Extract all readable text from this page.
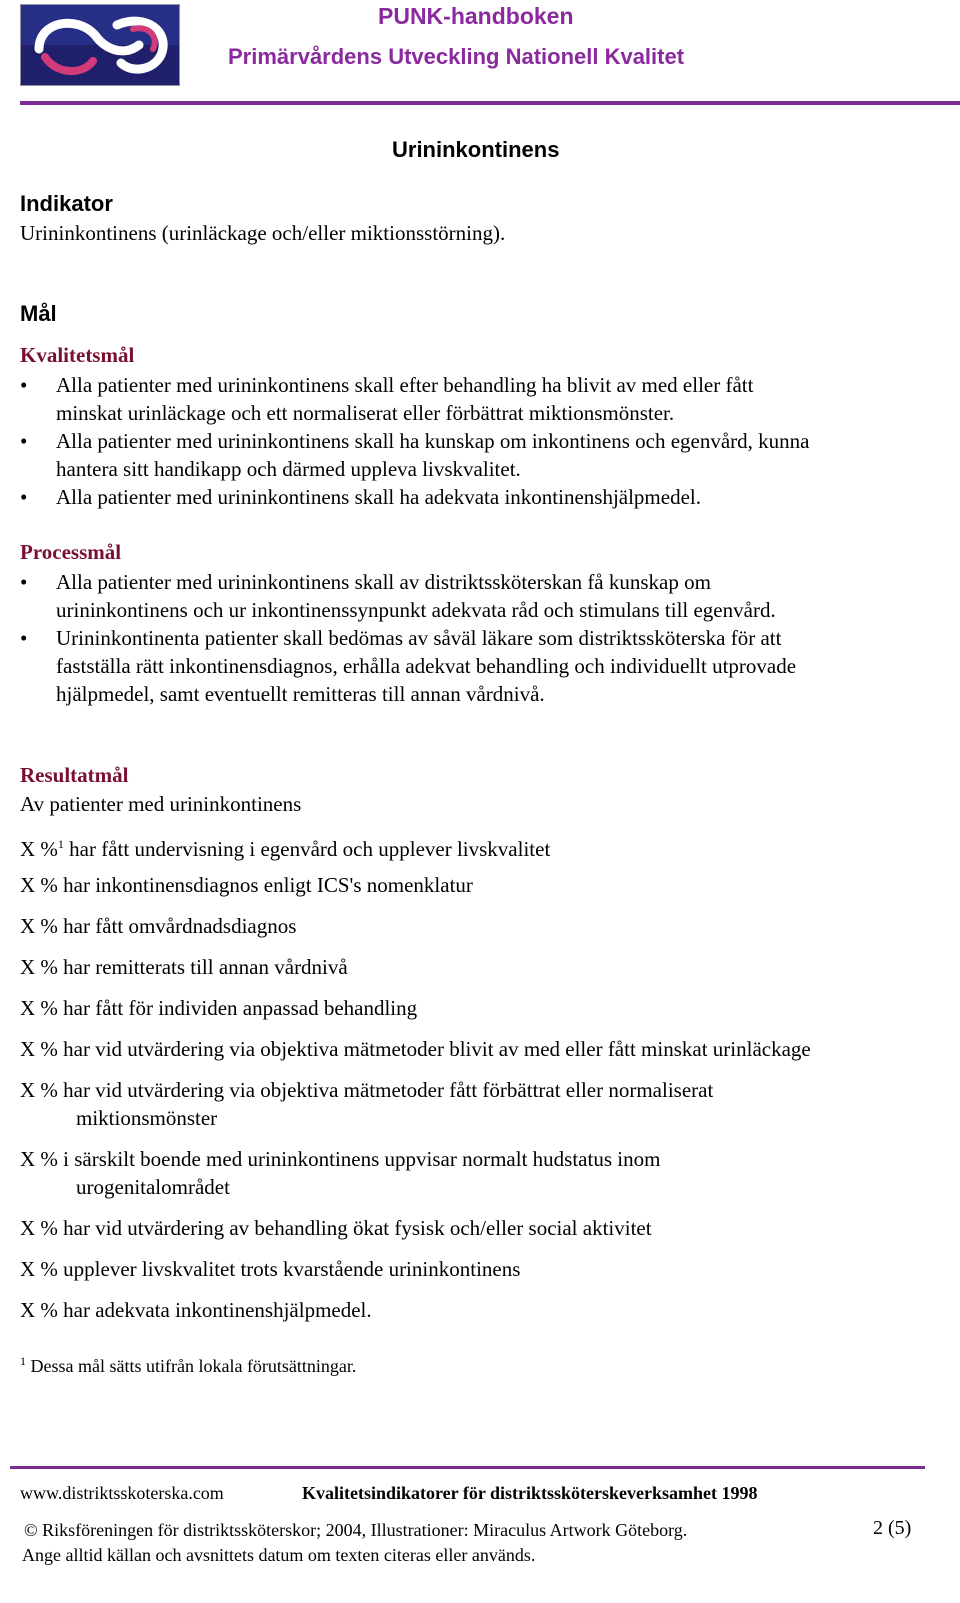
PUNK-handboken
Primärvårdens Utveckling Nationell Kvalitet
Urininkontinens
Indikator
Urininkontinens (urinläckage och/eller miktionsstörning).
Mål
Kvalitetsmål
• Alla patienter med urininkontinens skall efter behandling ha blivit av med eller fått
minskat urinläckage och ett normaliserat eller förbättrat miktionsmönster.
• Alla patienter med urininkontinens skall ha kunskap om inkontinens och egenvård, kunna
hantera sitt handikapp och därmed uppleva livskvalitet.
• Alla patienter med urininkontinens skall ha adekvata inkontinenshjälpmedel.
Processmål
• Alla patienter med urininkontinens skall av distriktssköterskan få kunskap om
urininkontinens och ur inkontinenssynpunkt adekvata råd och stimulans till egenvård.
• Urininkontinenta patienter skall bedömas av såväl läkare som distriktssköterska för att
fastställa rätt inkontinensdiagnos, erhålla adekvat behandling och individuellt utprovade
hjälpmedel, samt eventuellt remitteras till annan vårdnivå.
Resultatmål
Av patienter med urininkontinens
X %$^1$ har fått undervisning i egenvård och upplever livskvalitet
X % har inkontinensdiagnos enligt ICS's nomenklatur
X % har fått omvårdnadsdiagnos
X % har remitterats till annan vårdnivå
X % har fått för individen anpassad behandling
X % har vid utvärdering via objektiva mätmetoder blivit av med eller fått minskat urinläckage
X % har vid utvärdering via objektiva mätmetoder fått förbättrat eller normaliserat
miktionsmönster
X % i särskilt boende med urininkontinens uppvisar normalt hudstatus inom
urogenitalområdet
X % har vid utvärdering av behandling ökat fysisk och/eller social aktivitet
X % upplever livskvalitet trots kvarstående urininkontinens
X % har adekvata inkontinenshjälpmedel.
$^1$ Dessa mål sätts utifrån lokala förutsättningar.
www.distriktsskoterska.com	Kvalitetsindikatorer för distriktssköterskeverksamhet 1998
© Riksföreningen för distriktssköterskor; 2004, Illustrationer: Miraculus Artwork Göteborg.	2 (5)
Ange alltid källan och avsnittets datum om texten citeras eller används.
